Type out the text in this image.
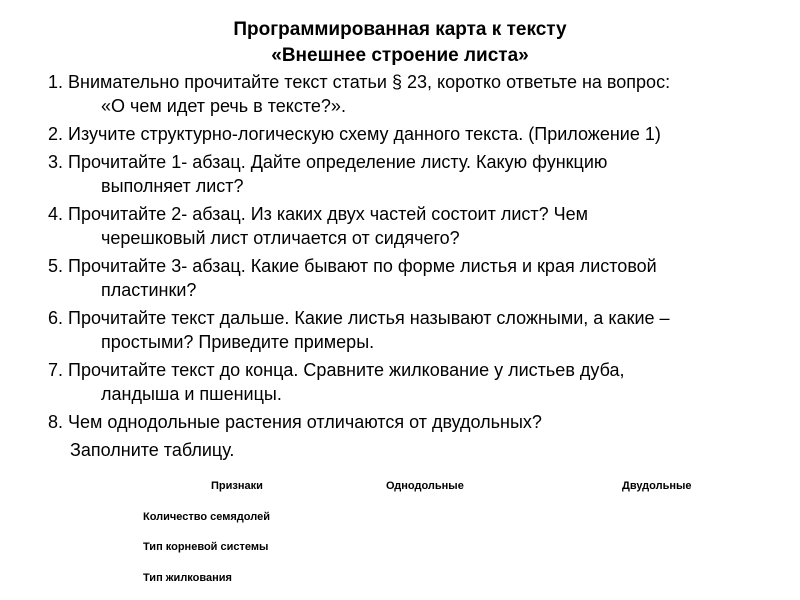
Программированная карта к тексту
«Внешнее строение листа»
1. Внимательно прочитайте текст статьи § 23, коротко ответьте на вопрос:
«О чем идет речь в тексте?».
2. Изучите структурно-логическую схему данного текста. (Приложение 1)
3. Прочитайте 1- абзац. Дайте определение листу. Какую функцию
выполняет лист?
4. Прочитайте 2- абзац. Из каких двух частей состоит лист? Чем
черешковый лист отличается от сидячего?
5. Прочитайте 3- абзац. Какие бывают по форме листья и края листовой
пластинки?
6. Прочитайте текст дальше. Какие листья называют сложными, а какие –
простыми? Приведите примеры.
7. Прочитайте текст до конца. Сравните жилкование у листьев дуба,
ландыша и пшеницы.
8. Чем однодольные растения отличаются от двудольных?
Заполните таблицу.
Признаки	Однодольные	Двудольные
Количество семядолей
Тип корневой системы
Тип жилкования
